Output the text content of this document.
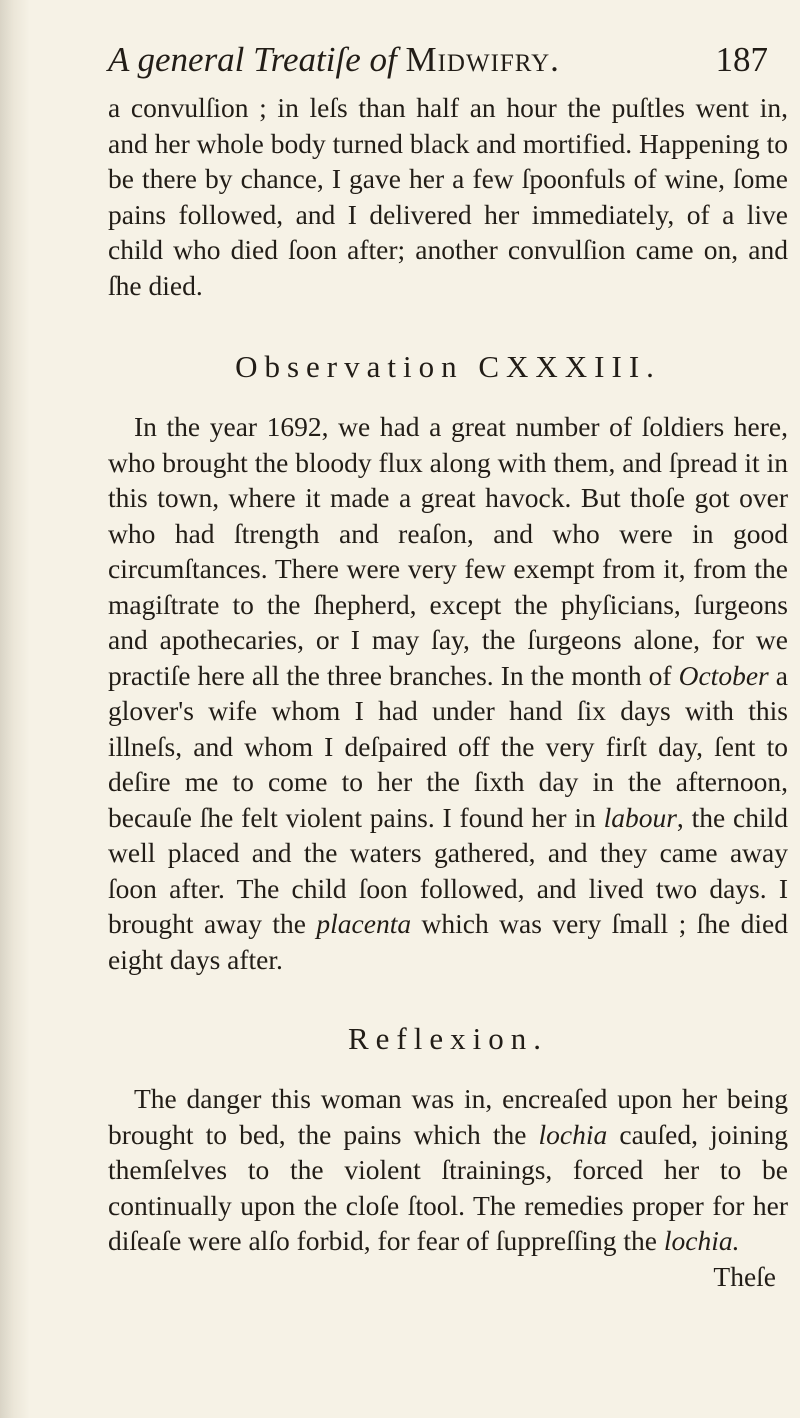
A general Treatiſe of Midwifry.	187

a convulſion ; in leſs than half an hour the puſtles went in, and her whole body turned black and mortified. Happening to be there by chance, I gave her a few ſpoonfuls of wine, ſome pains followed, and I delivered her immediately, of a live child who died ſoon after; another convulſion came on, and ſhe died.

Observation CXXXIII.

In the year 1692, we had a great number of ſoldiers here, who brought the bloody flux along with them, and ſpread it in this town, where it made a great havock. But thoſe got over who had ſtrength and reaſon, and who were in good circumſtances. There were very few exempt from it, from the magiſtrate to the ſhepherd, except the phyſicians, ſurgeons and apothecaries, or I may ſay, the ſurgeons alone, for we practiſe here all the three branches. In the month of October a glover's wife whom I had under hand ſix days with this illneſs, and whom I deſpaired off the very firſt day, ſent to deſire me to come to her the ſixth day in the afternoon, becauſe ſhe felt violent pains. I found her in labour, the child well placed and the waters gathered, and they came away ſoon after. The child ſoon followed, and lived two days. I brought away the placenta which was very ſmall ; ſhe died eight days after.

Reflexion.

The danger this woman was in, encreaſed upon her being brought to bed, the pains which the lochia cauſed, joining themſelves to the violent ſtrainings, forced her to be continually upon the cloſe ſtool. The remedies proper for her diſeaſe were alſo forbid, for fear of ſuppreſſing the lochia.

Theſe
